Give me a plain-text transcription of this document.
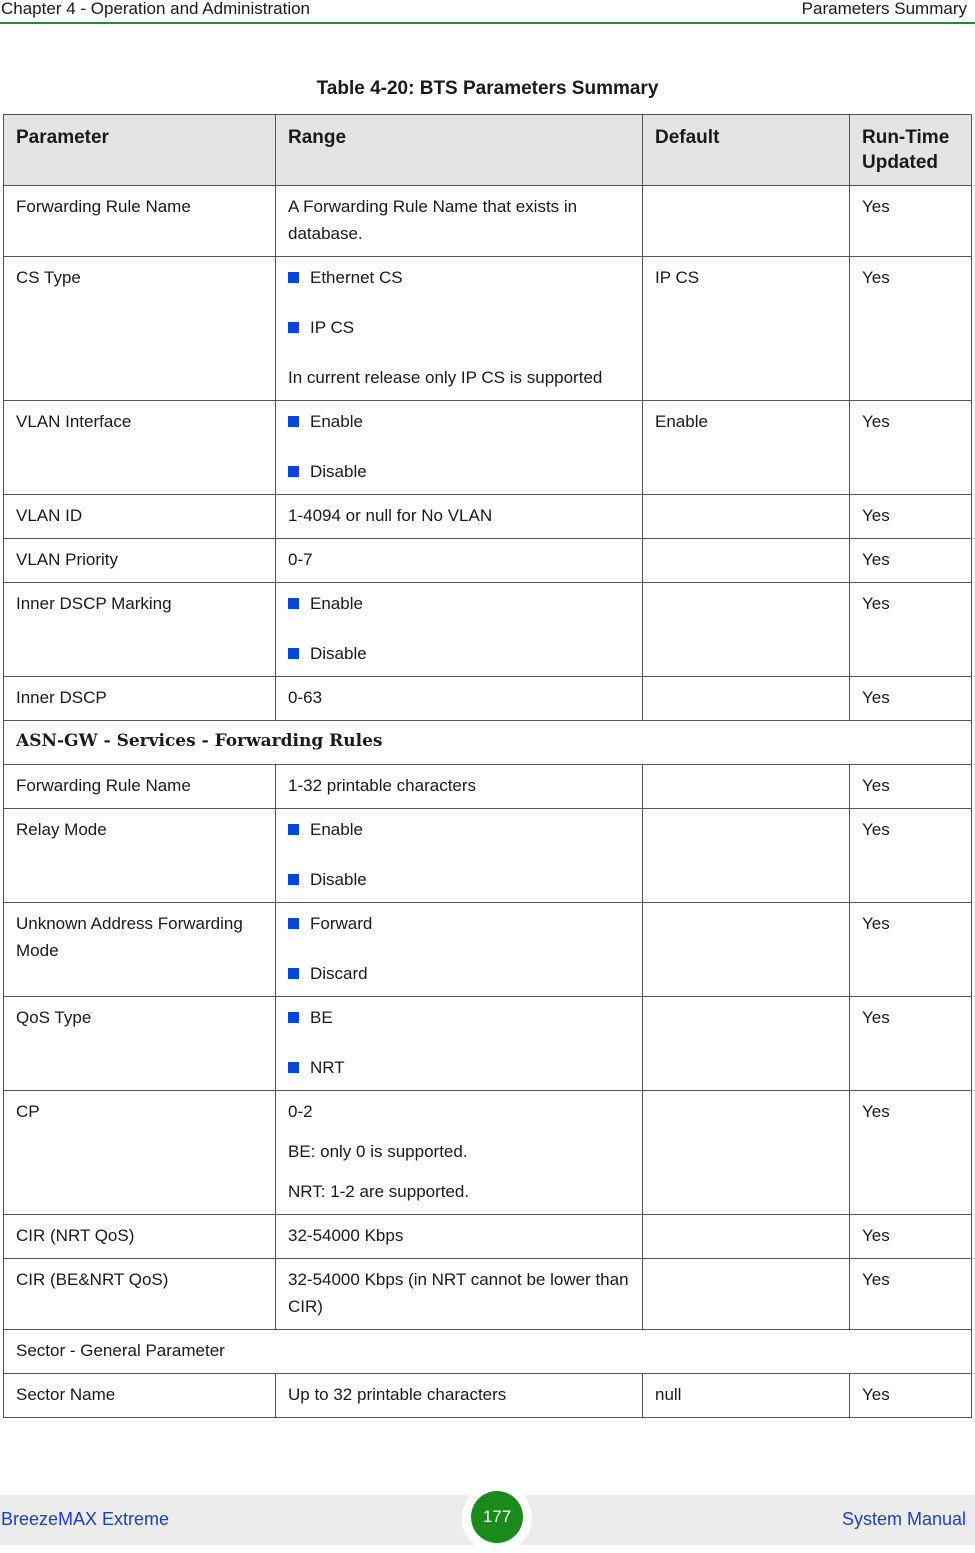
Chapter 4 - Operation and Administration	Parameters Summary
Table 4-20: BTS Parameters Summary
Parameter	Range	Default	Run-Time Updated
Forwarding Rule Name	A Forwarding Rule Name that exists in database.		Yes
CS Type	Ethernet CS
IP CS
In current release only IP CS is supported	IP CS	Yes
VLAN Interface	Enable
Disable	Enable	Yes
VLAN ID	1-4094 or null for No VLAN		Yes
VLAN Priority	0-7		Yes
Inner DSCP Marking	Enable
Disable		Yes
Inner DSCP	0-63		Yes
ASN-GW - Services - Forwarding Rules			
Forwarding Rule Name	1-32 printable characters		Yes
Relay Mode	Enable
Disable		Yes
Unknown Address Forwarding Mode	Forward
Discard		Yes
QoS Type	BE
NRT		Yes
CP	0-2
BE: only 0 is supported.
NRT: 1-2 are supported.		Yes
CIR (NRT QoS)	32-54000 Kbps		Yes
CIR (BE&NRT QoS)	32-54000 Kbps (in NRT cannot be lower than CIR)		Yes
Sector - General Parameter			
Sector Name	Up to 32 printable characters	null	Yes
BreezeMAX Extreme	177	System Manual
